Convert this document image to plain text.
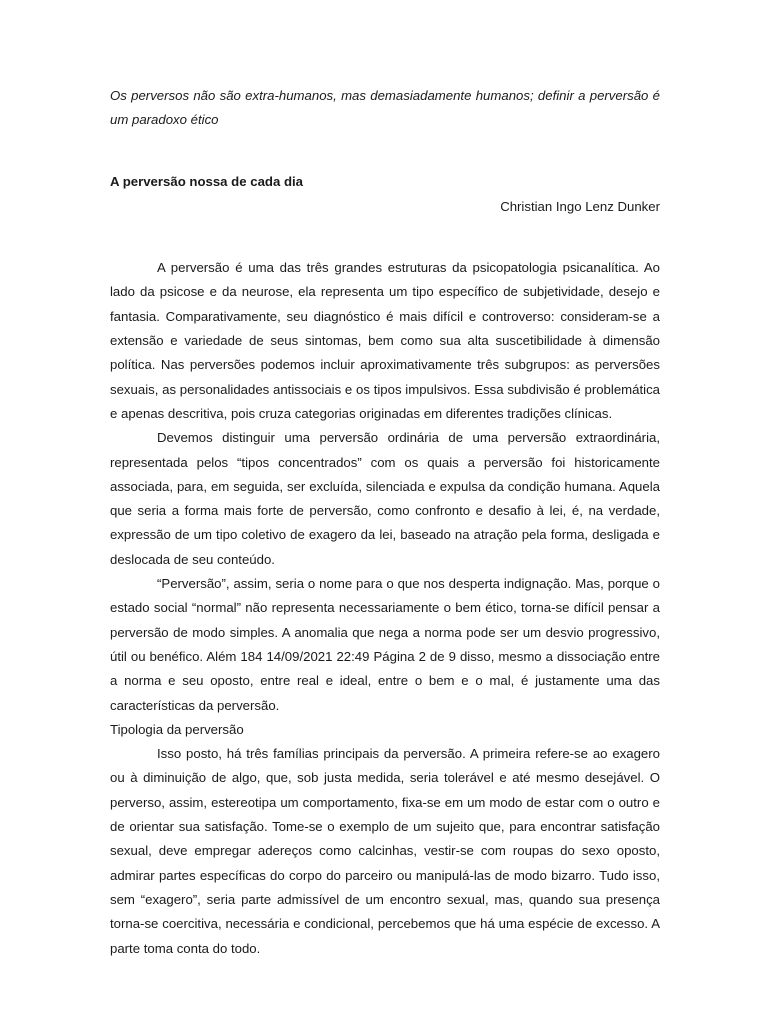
Os perversos não são extra-humanos, mas demasiadamente humanos; definir a perversão é um paradoxo ético

A perversão nossa de cada dia

Christian Ingo Lenz Dunker

A perversão é uma das três grandes estruturas da psicopatologia psicanalítica. Ao lado da psicose e da neurose, ela representa um tipo específico de subjetividade, desejo e fantasia. Comparativamente, seu diagnóstico é mais difícil e controverso: consideram-se a extensão e variedade de seus sintomas, bem como sua alta suscetibilidade à dimensão política. Nas perversões podemos incluir aproximativamente três subgrupos: as perversões sexuais, as personalidades antissociais e os tipos impulsivos. Essa subdivisão é problemática e apenas descritiva, pois cruza categorias originadas em diferentes tradições clínicas.

Devemos distinguir uma perversão ordinária de uma perversão extraordinária, representada pelos “tipos concentrados” com os quais a perversão foi historicamente associada, para, em seguida, ser excluída, silenciada e expulsa da condição humana. Aquela que seria a forma mais forte de perversão, como confronto e desafio à lei, é, na verdade, expressão de um tipo coletivo de exagero da lei, baseado na atração pela forma, desligada e deslocada de seu conteúdo.

“Perversão”, assim, seria o nome para o que nos desperta indignação. Mas, porque o estado social “normal” não representa necessariamente o bem ético, torna-se difícil pensar a perversão de modo simples. A anomalia que nega a norma pode ser um desvio progressivo, útil ou benéfico. Além 184 14/09/2021 22:49 Página 2 de 9 disso, mesmo a dissociação entre a norma e seu oposto, entre real e ideal, entre o bem e o mal, é justamente uma das características da perversão.

Tipologia da perversão

Isso posto, há três famílias principais da perversão. A primeira refere-se ao exagero ou à diminuição de algo, que, sob justa medida, seria tolerável e até mesmo desejável. O perverso, assim, estereotipa um comportamento, fixa-se em um modo de estar com o outro e de orientar sua satisfação. Tome-se o exemplo de um sujeito que, para encontrar satisfação sexual, deve empregar adereços como calcinhas, vestir-se com roupas do sexo oposto, admirar partes específicas do corpo do parceiro ou manipulá-las de modo bizarro. Tudo isso, sem “exagero”, seria parte admissível de um encontro sexual, mas, quando sua presença torna-se coercitiva, necessária e condicional, percebemos que há uma espécie de excesso. A parte toma conta do todo.
